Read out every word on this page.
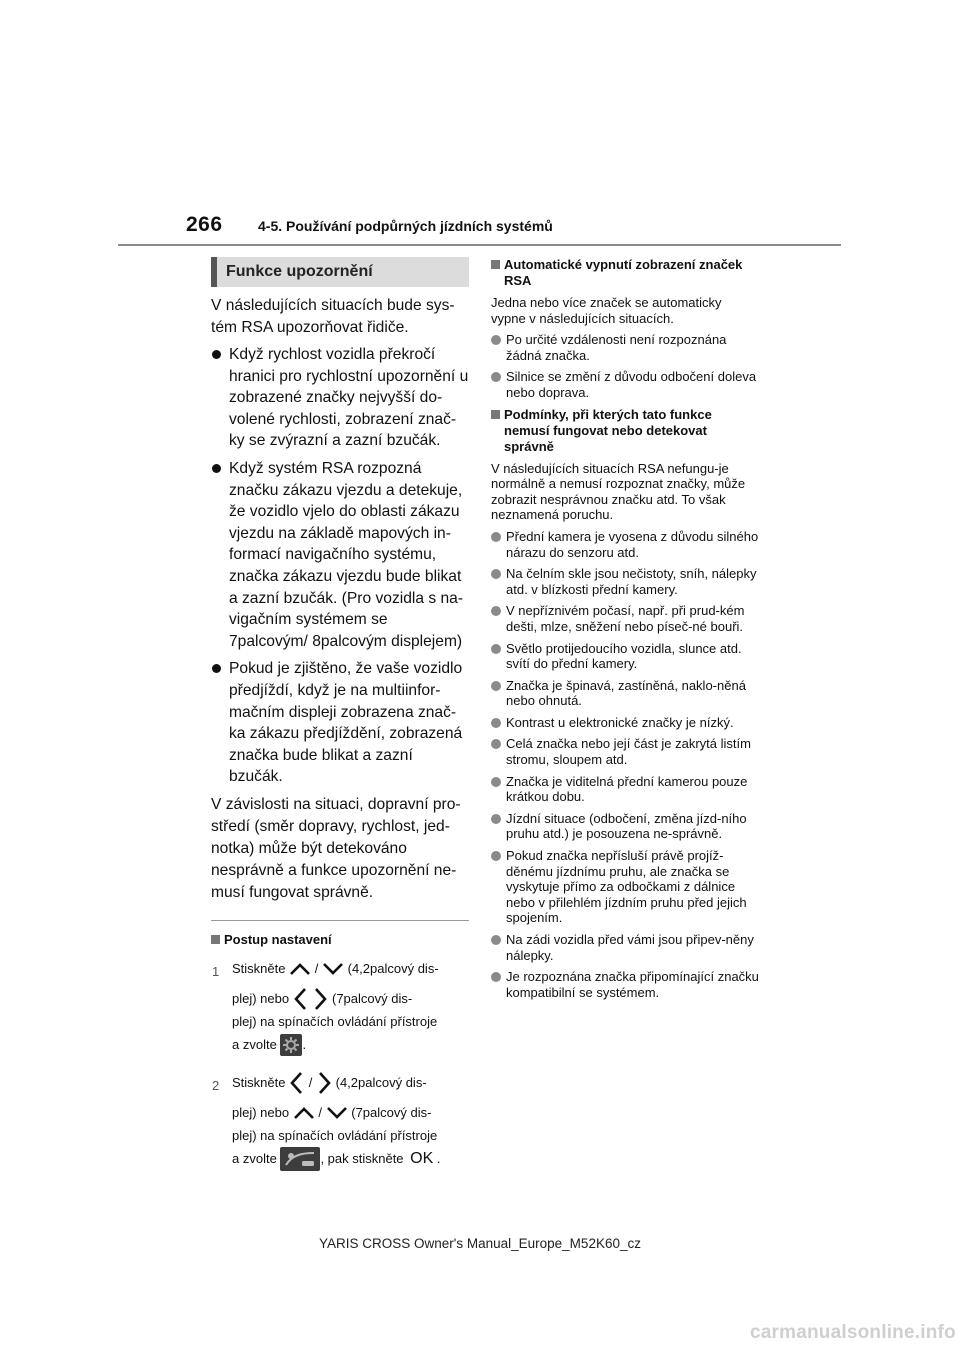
266	4-5. Používání podpůrných jízdních systémů
Funkce upozornění

V následujících situacích bude sys-tém RSA upozorňovat řidiče.

Když rychlost vozidla překročí hranici pro rychlostní upozornění u zobrazené značky nejvyšší do-volené rychlosti, zobrazení znač-ky se zvýrazní a zazní bzučák.
Když systém RSA rozpozná značku zákazu vjezdu a detekuje, že vozidlo vjelo do oblasti zákazu vjezdu na základě mapových in-formací navigačního systému, značka zákazu vjezdu bude blikat a zazní bzučák. (Pro vozidla s na-vigačním systémem se 7palcovým/ 8palcovým displejem)
Pokud je zjištěno, že vaše vozidlo předjíždí, když je na multiinfor-mačním displeji zobrazena znač-ka zákazu předjíždění, zobrazená značka bude blikat a zazní bzučák.

V závislosti na situaci, dopravní pro-středí (směr dopravy, rychlost, jed-notka) může být detekováno nesprávně a funkce upozornění ne-musí fungovat správně.

Postup nastavení
1 Stiskněte / (4,2palcový dis-
plej) nebo	(7palcový dis-
plej) na spínačích ovládání přístroje
a zvolte .
2 Stiskněte / (4,2palcový dis-
plej) nebo / (7palcový dis-
plej) na spínačích ovládání přístroje
a zvolte	, pak stiskněte OK .
Automatické vypnutí zobrazení značek RSA

Jedna nebo více značek se automaticky vypne v následujících situacích.

Po určité vzdálenosti není rozpoznána žádná značka.
Silnice se změní z důvodu odbočení doleva nebo doprava.
Podmínky, při kterých tato funkce nemusí fungovat nebo detekovat správně

V následujících situacích RSA nefungu-je normálně a nemusí rozpoznat značky, může zobrazit nesprávnou značku atd. To však neznamená poruchu.

Přední kamera je vyosena z důvodu silného nárazu do senzoru atd.
Na čelním skle jsou nečistoty, sníh, nálepky atd. v blízkosti přední kamery.
V nepříznivém počasí, např. při prud-kém dešti, mlze, sněžení nebo píseč-né bouři.
Světlo protijedoucího vozidla, slunce atd. svítí do přední kamery.
Značka je špinavá, zastíněná, naklo-něná nebo ohnutá.
Kontrast u elektronické značky je nízký.
Celá značka nebo její část je zakrytá listím stromu, sloupem atd.
Značka je viditelná přední kamerou pouze krátkou dobu.
Jízdní situace (odbočení, změna jízd-ního pruhu atd.) je posouzena ne-správně.
Pokud značka nepřísluší právě projíž-děnému jízdnímu pruhu, ale značka se vyskytuje přímo za odbočkami z dálnice nebo v přilehlém jízdním pruhu před jejich spojením.
Na zádi vozidla před vámi jsou připev-něny nálepky.
Je rozpoznána značka připomínající značku kompatibilní se systémem.
YARIS CROSS Owner's Manual_Europe_M52K60_cz
carmanualsonline.info
